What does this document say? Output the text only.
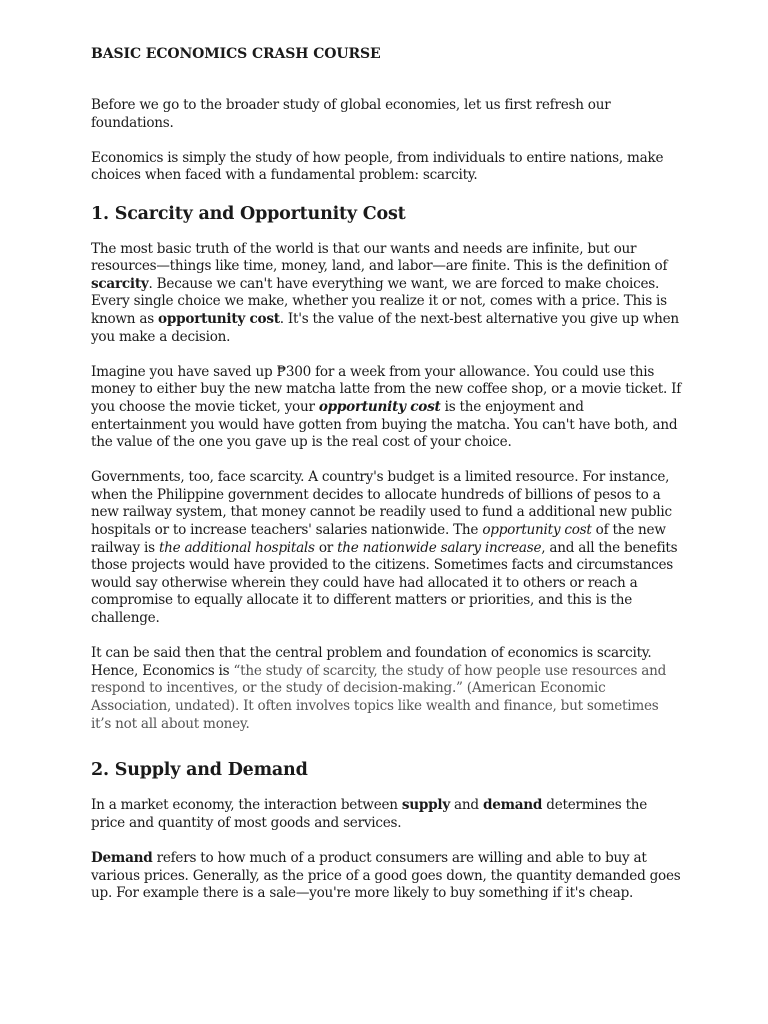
BASIC ECONOMICS CRASH COURSE

Before we go to the broader study of global economies, let us first refresh our foundations.

Economics is simply the study of how people, from individuals to entire nations, make choices when faced with a fundamental problem: scarcity.

1. Scarcity and Opportunity Cost

The most basic truth of the world is that our wants and needs are infinite, but our resources—things like time, money, land, and labor—are finite. This is the definition of scarcity. Because we can't have everything we want, we are forced to make choices. Every single choice we make, whether you realize it or not, comes with a price. This is known as opportunity cost. It's the value of the next-best alternative you give up when you make a decision.

Imagine you have saved up ₱300 for a week from your allowance. You could use this money to either buy the new matcha latte from the new coffee shop, or a movie ticket. If you choose the movie ticket, your opportunity cost is the enjoyment and entertainment you would have gotten from buying the matcha. You can't have both, and the value of the one you gave up is the real cost of your choice.

Governments, too, face scarcity. A country's budget is a limited resource. For instance, when the Philippine government decides to allocate hundreds of billions of pesos to a new railway system, that money cannot be readily used to fund a additional new public hospitals or to increase teachers' salaries nationwide. The opportunity cost of the new railway is the additional hospitals or the nationwide salary increase, and all the benefits those projects would have provided to the citizens. Sometimes facts and circumstances would say otherwise wherein they could have had allocated it to others or reach a compromise to equally allocate it to different matters or priorities, and this is the challenge.

It can be said then that the central problem and foundation of economics is scarcity. Hence, Economics is “the study of scarcity, the study of how people use resources and respond to incentives, or the study of decision-making.” (American Economic Association, undated). It often involves topics like wealth and finance, but sometimes it’s not all about money.

2. Supply and Demand

In a market economy, the interaction between supply and demand determines the price and quantity of most goods and services.

Demand refers to how much of a product consumers are willing and able to buy at various prices. Generally, as the price of a good goes down, the quantity demanded goes up. For example there is a sale—you're more likely to buy something if it's cheap.
